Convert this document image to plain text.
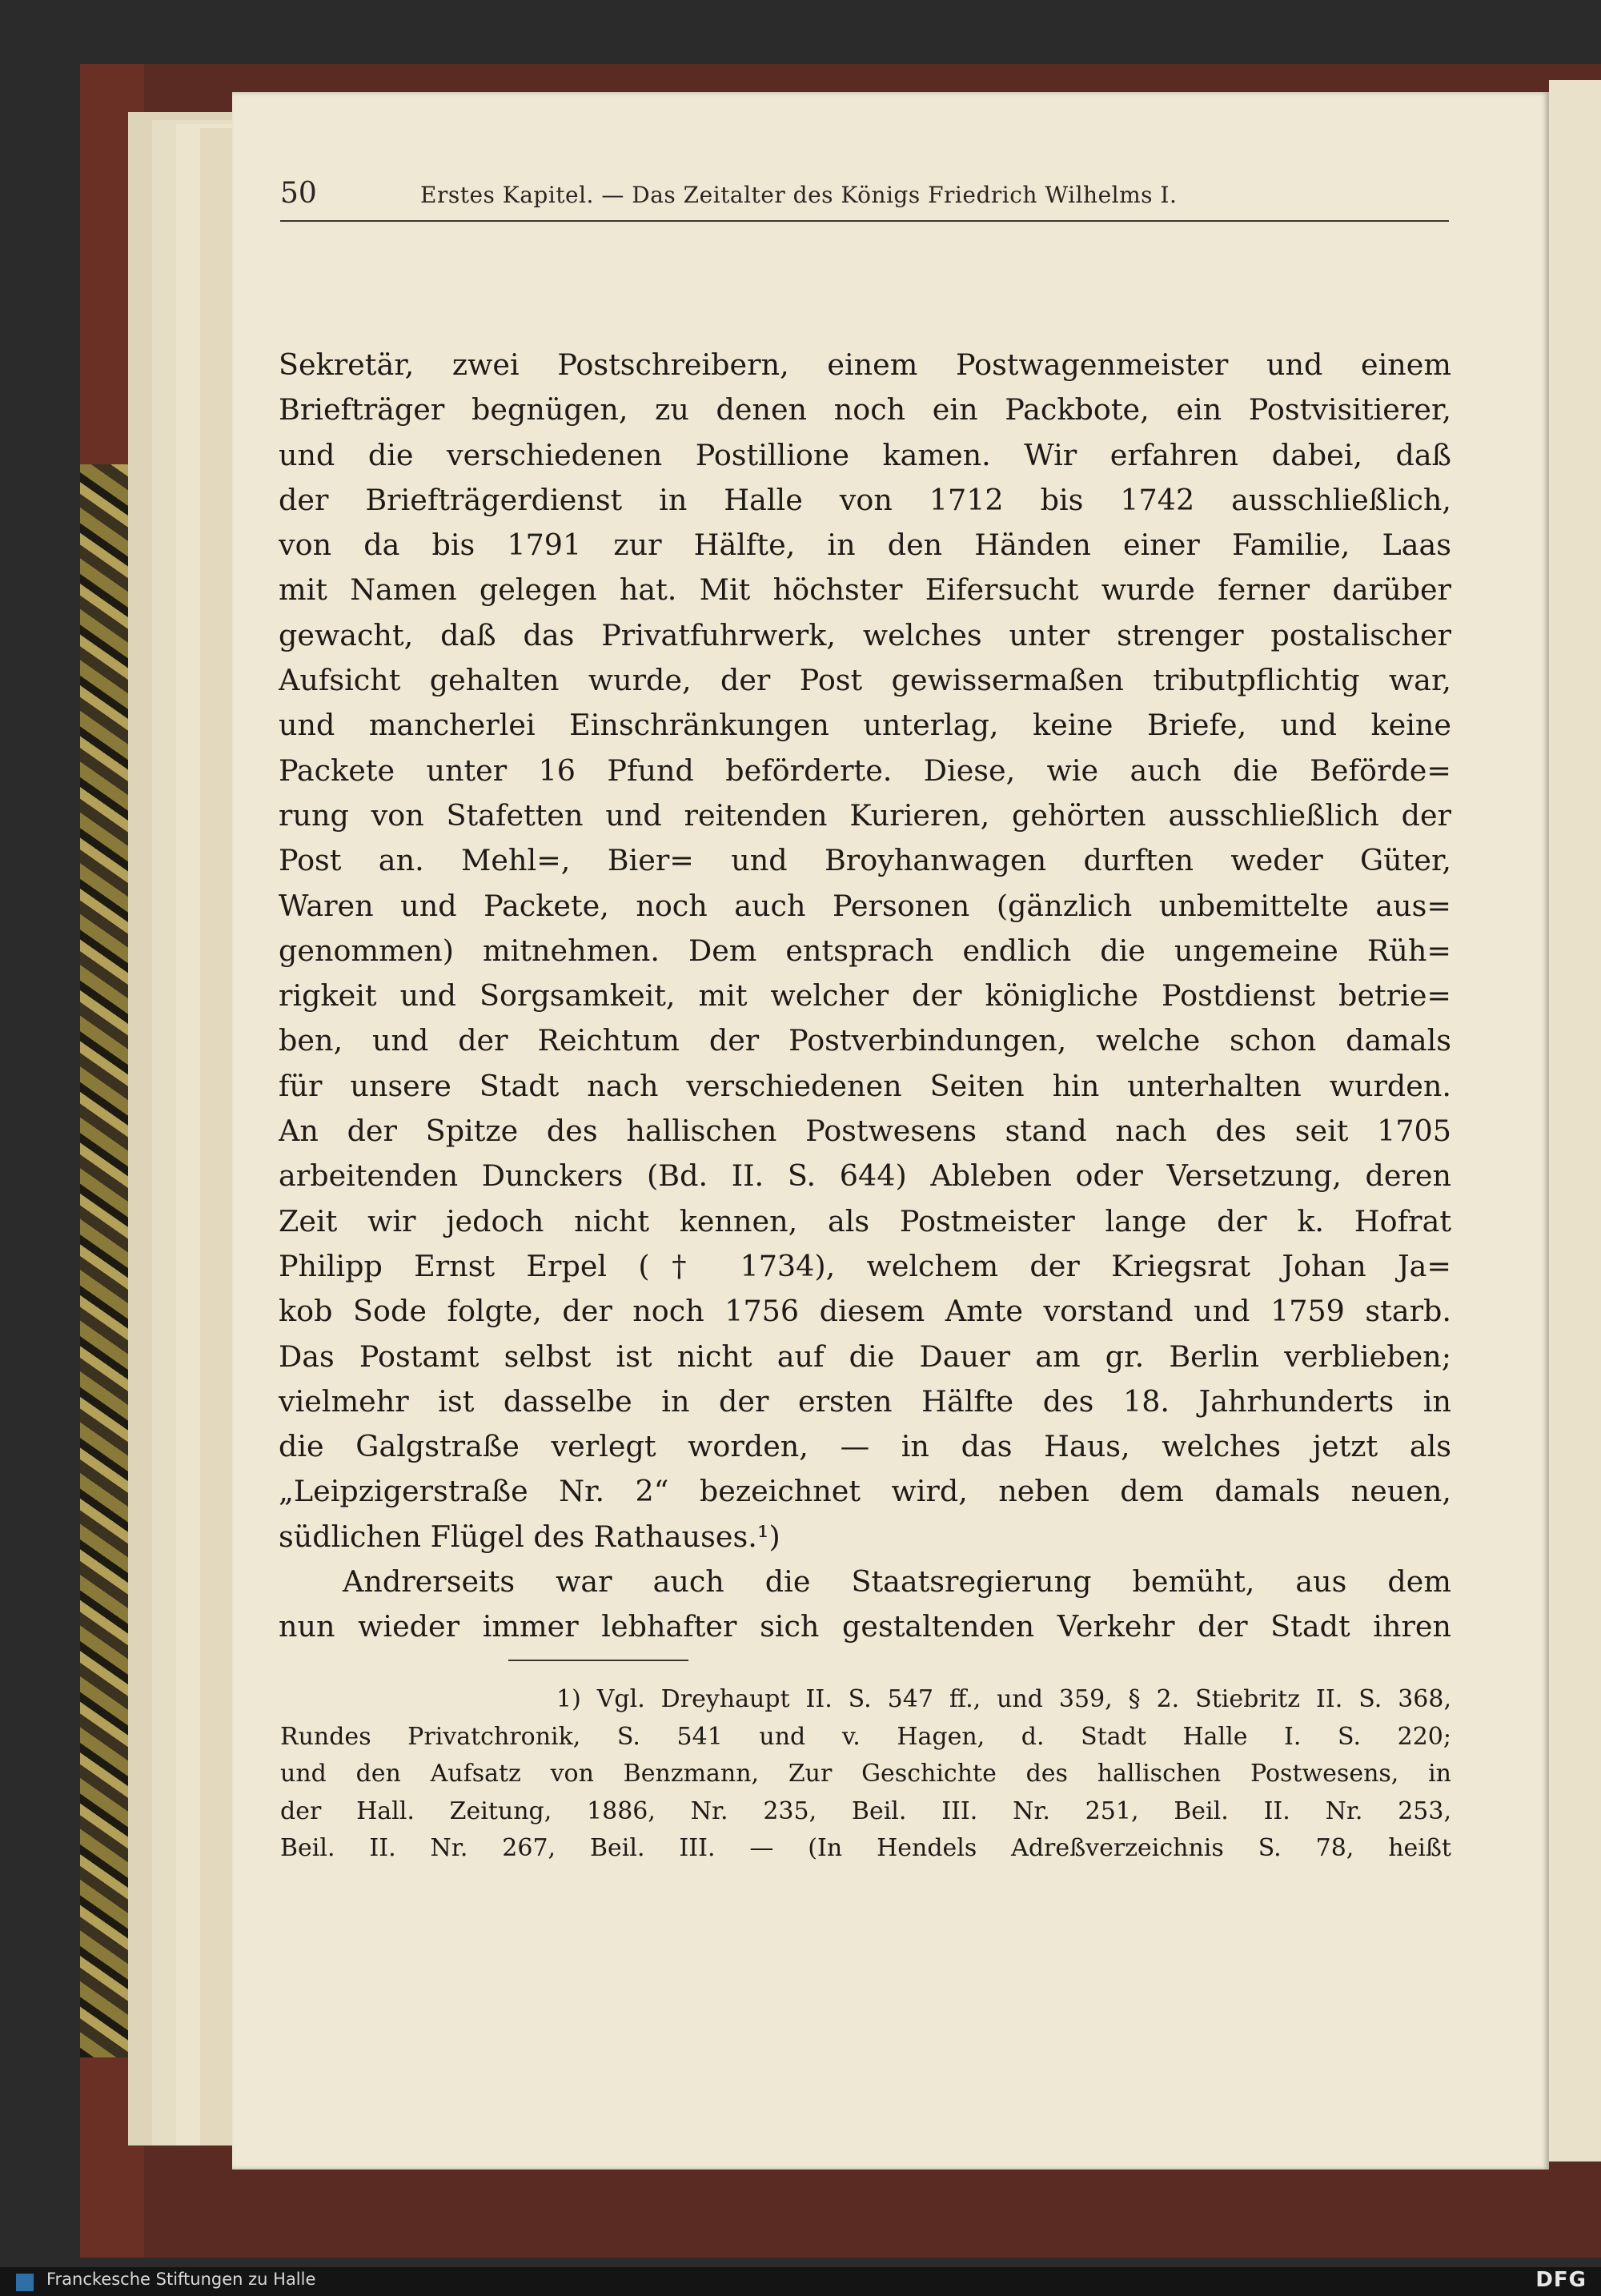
50	Erstes Kapitel. — Das Zeitalter des Königs Friedrich Wilhelms I.
Sekretär, zwei Postschreibern, einem Postwagenmeister und einem
Briefträger begnügen, zu denen noch ein Packbote, ein Postvisitierer,
und die verschiedenen Postillione kamen. Wir erfahren dabei, daß
der Briefträgerdienst in Halle von 1712 bis 1742 ausschließlich,
von da bis 1791 zur Hälfte, in den Händen einer Familie, Laas
mit Namen gelegen hat. Mit höchster Eifersucht wurde ferner darüber
gewacht, daß das Privatfuhrwerk, welches unter strenger postalischer
Aufsicht gehalten wurde, der Post gewissermaßen tributpflichtig war,
und mancherlei Einschränkungen unterlag, keine Briefe, und keine
Packete unter 16 Pfund beförderte. Diese, wie auch die Beförde=
rung von Stafetten und reitenden Kurieren, gehörten ausschließlich der
Post an. Mehl=, Bier= und Broyhanwagen durften weder Güter,
Waren und Packete, noch auch Personen (gänzlich unbemittelte aus=
genommen) mitnehmen. Dem entsprach endlich die ungemeine Rüh=
rigkeit und Sorgsamkeit, mit welcher der königliche Postdienst betrie=
ben, und der Reichtum der Postverbindungen, welche schon damals
für unsere Stadt nach verschiedenen Seiten hin unterhalten wurden.
An der Spitze des hallischen Postwesens stand nach des seit 1705
arbeitenden Dunckers (Bd. II. S. 644) Ableben oder Versetzung, deren
Zeit wir jedoch nicht kennen, als Postmeister lange der k. Hofrat
Philipp Ernst Erpel († 1734), welchem der Kriegsrat Johan Ja=
kob Sode folgte, der noch 1756 diesem Amte vorstand und 1759 starb.
Das Postamt selbst ist nicht auf die Dauer am gr. Berlin verblieben;
vielmehr ist dasselbe in der ersten Hälfte des 18. Jahrhunderts in
die Galgstraße verlegt worden, — in das Haus, welches jetzt als
„Leipzigerstraße Nr. 2“ bezeichnet wird, neben dem damals neuen,
südlichen Flügel des Rathauses.¹)
Andrerseits war auch die Staatsregierung bemüht, aus dem
nun wieder immer lebhafter sich gestaltenden Verkehr der Stadt ihren
1) Vgl. Dreyhaupt II. S. 547 ff., und 359, § 2. Stiebritz II. S. 368,
Rundes Privatchronik, S. 541 und v. Hagen, d. Stadt Halle I. S. 220;
und den Aufsatz von Benzmann, Zur Geschichte des hallischen Postwesens, in
der Hall. Zeitung, 1886, Nr. 235, Beil. III. Nr. 251, Beil. II. Nr. 253,
Beil. II. Nr. 267, Beil. III. — (In Hendels Adreßverzeichnis S. 78, heißt
Franckesche Stiftungen zu Halle	DFG
